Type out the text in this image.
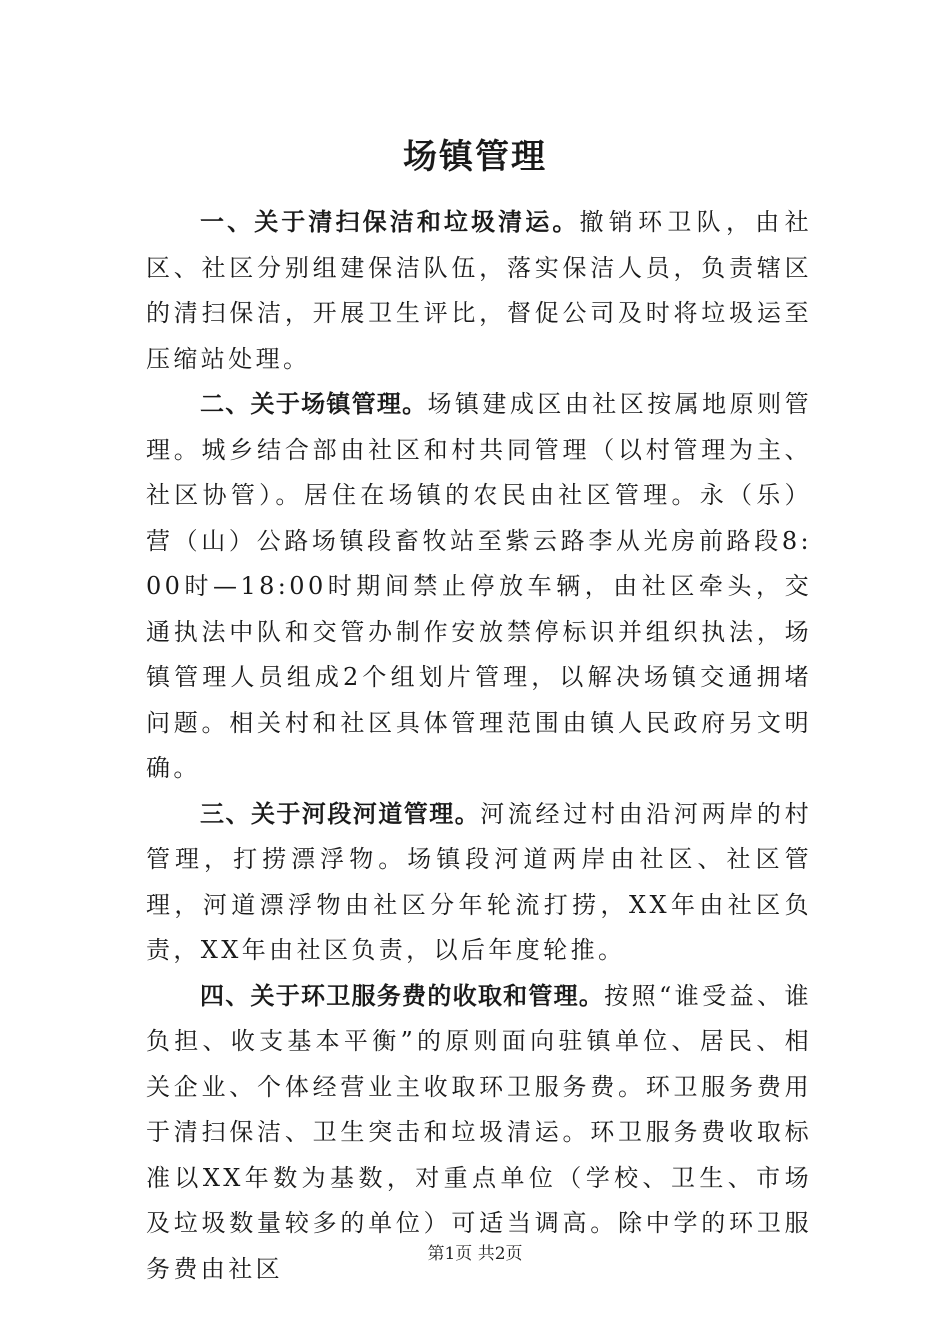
场镇管理

一、关于清扫保洁和垃圾清运。撤销环卫队，由社区、社区分别组建保洁队伍，落实保洁人员，负责辖区的清扫保洁，开展卫生评比，督促公司及时将垃圾运至压缩站处理。

二、关于场镇管理。场镇建成区由社区按属地原则管理。城乡结合部由社区和村共同管理（以村管理为主、社区协管）。居住在场镇的农民由社区管理。永（乐）营（山）公路场镇段畜牧站至紫云路李从光房前路段8:00时—18:00时期间禁止停放车辆，由社区牵头，交通执法中队和交管办制作安放禁停标识并组织执法，场镇管理人员组成2个组划片管理，以解决场镇交通拥堵问题。相关村和社区具体管理范围由镇人民政府另文明确。

三、关于河段河道管理。河流经过村由沿河两岸的村管理，打捞漂浮物。场镇段河道两岸由社区、社区管理，河道漂浮物由社区分年轮流打捞，XX年由社区负责，XX年由社区负责，以后年度轮推。

四、关于环卫服务费的收取和管理。按照“谁受益、谁负担、收支基本平衡”的原则面向驻镇单位、居民、相关企业、个体经营业主收取环卫服务费。环卫服务费用于清扫保洁、卫生突击和垃圾清运。环卫服务费收取标准以XX年数为基数，对重点单位（学校、卫生、市场及垃圾数量较多的单位）可适当调高。除中学的环卫服务费由社区

第1页 共2页
